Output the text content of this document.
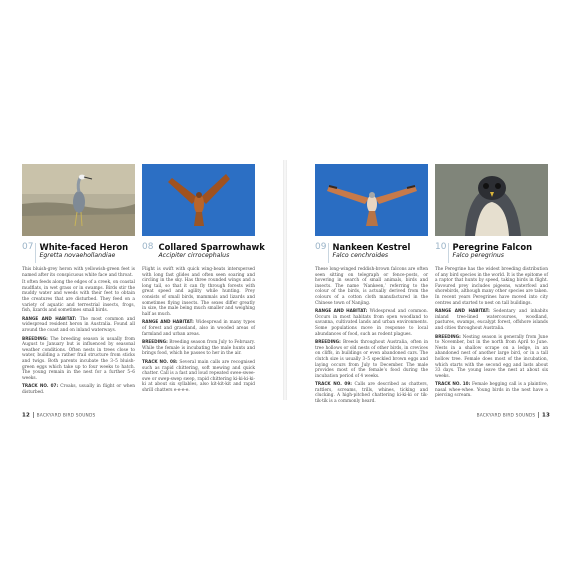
07 White-faced Heron
Egretta novaehollandiae

This bluish-grey heron with yellowish-green feet is named after its conspicuous white face and throat.

It often feeds along the edges of a creek, on coastal mudflats, in wet grass or in swamps. Birds stir the muddy water and weeds with their feet to obtain the creatures that are disturbed. They feed on a variety of aquatic and terrestrial insects, frogs, fish, lizards and sometimes small birds.

RANGE AND HABITAT: The most common and widespread resident heron in Australia. Found all around the coast and on inland waterways.

BREEDING: The breeding season is usually from August to January but is influenced by seasonal weather conditions. Often nests in trees close to water, building a rather frail structure from sticks and twigs. Both parents incubate the 3–5 bluish-green eggs which take up to four weeks to hatch. The young remain in the nest for a further 5–6 weeks.

TRACK NO. 07: Croaks, usually in flight or when disturbed.

08 Collared Sparrowhawk
Accipiter cirrocephalus

Flight is swift with quick wing-beats interspersed with long fast glides and often seen soaring and circling in the sky. Has three rounded wings and a long tail, so that it can fly through forests with great speed and agility while hunting. Prey consists of small birds, mammals and lizards and sometimes flying insects. The sexes differ greatly in size, the male being much smaller and weighing half as much.

RANGE AND HABITAT: Widespread in many types of forest and grassland, also in wooded areas of farmland and urban areas.

BREEDING: Breeding season from July to February. While the female is incubating the male hunts and brings food, which he passes to her in the air.

TRACK NO. 08: Several main calls are recognised such as rapid chittering, soft mewing and quick chatter. Call is a fast and loud repeated swee-swee-swe or swep-swep swep, rapid chittering ki-ki-ki-ki-ki at about six syllables, also kit-kit-kit and rapid shrill chatters e-e-e-e.

12 BACKYARD BIRD SOUNDS
09 Nankeen Kestrel
Falco cenchroides

These long-winged reddish-brown falcons are often seen sitting on telegraph or fence-posts, or hovering in search of small animals, birds and insects. The name ‘Nankeen,’ referring to the colour of the birds, is actually derived from the colours of a cotton cloth manufactured in the Chinese town of Nanjing.

RANGE AND HABITAT: Widespread and common. Occurs in most habitats from open woodland to savanna, cultivated lands and urban environments. Some populations move in response to local abundances of food, such as rodent plagues.

BREEDING: Breeds throughout Australia, often in tree hollows or old nests of other birds, in crevices on cliffs, in buildings or even abandoned cars. The clutch size is usually 3–5 speckled brown eggs and laying occurs from July to December. The male provides most of the female’s food during the incubation period of 4 weeks.

TRACK NO. 09: Calls are described as chatters, rattlers, screams, trills, whines, ticking and clucking. A high-pitched chattering ki-ki-ki or tik-tik-tik is a commonly heard.

10 Peregrine Falcon
Falco peregrinus

The Peregrine has the widest breeding distribution of any bird species in the world. It is the epitome of a raptor that hunts by speed, taking birds in flight. Favoured prey includes pigeons, waterfowl and shorebirds, although many other species are taken. In recent years Peregrines have moved into city centres and started to nest on tall buildings.

RANGE AND HABITAT: Sedentary and inhabits inland tree-lined watercourses, woodland, pastures, swamps, eucalypt forest, offshore islands and cities throughout Australia.

BREEDING: Nesting season is generally from June to November, but in the north from April to June. Nests in a shallow scrape on a ledge, in an abandoned nest of another large bird, or in a tall hollow tree. Female does most of the incubation, which starts with the second egg and lasts about 33 days. The young leave the nest at about six weeks.

TRACK NO. 10: Female begging call is a plaintive, nasal whee-whee. Young birds in the nest have a piercing scream.

BACKYARD BIRD SOUNDS 13
